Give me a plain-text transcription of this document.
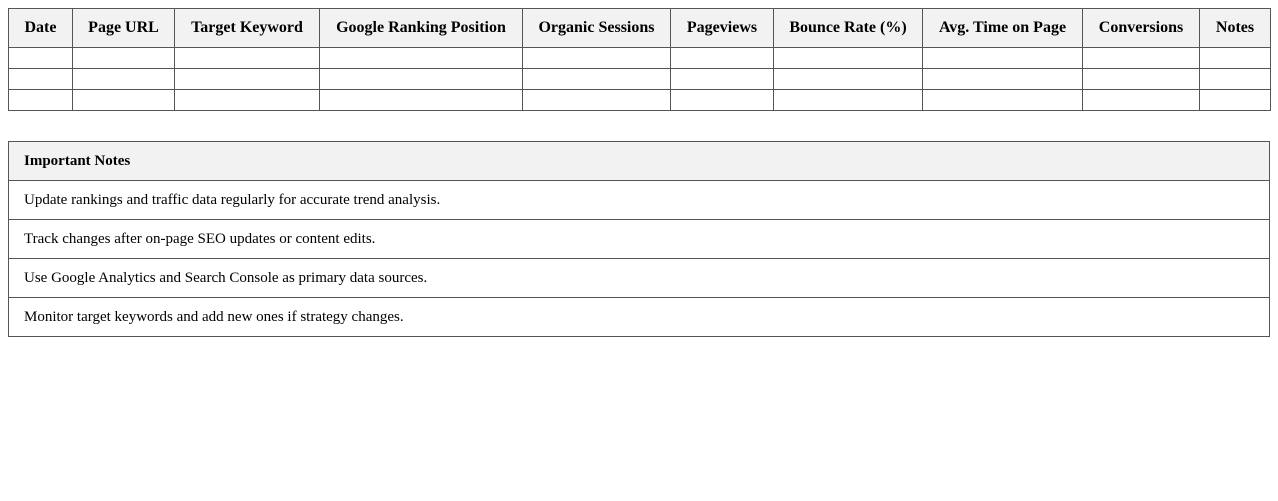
Date	Page URL	Target Keyword	Google Ranking Position	Organic Sessions	Pageviews	Bounce Rate (%)	Avg. Time on Page	Conversions	Notes

Important Notes
Update rankings and traffic data regularly for accurate trend analysis.
Track changes after on-page SEO updates or content edits.
Use Google Analytics and Search Console as primary data sources.
Monitor target keywords and add new ones if strategy changes.
